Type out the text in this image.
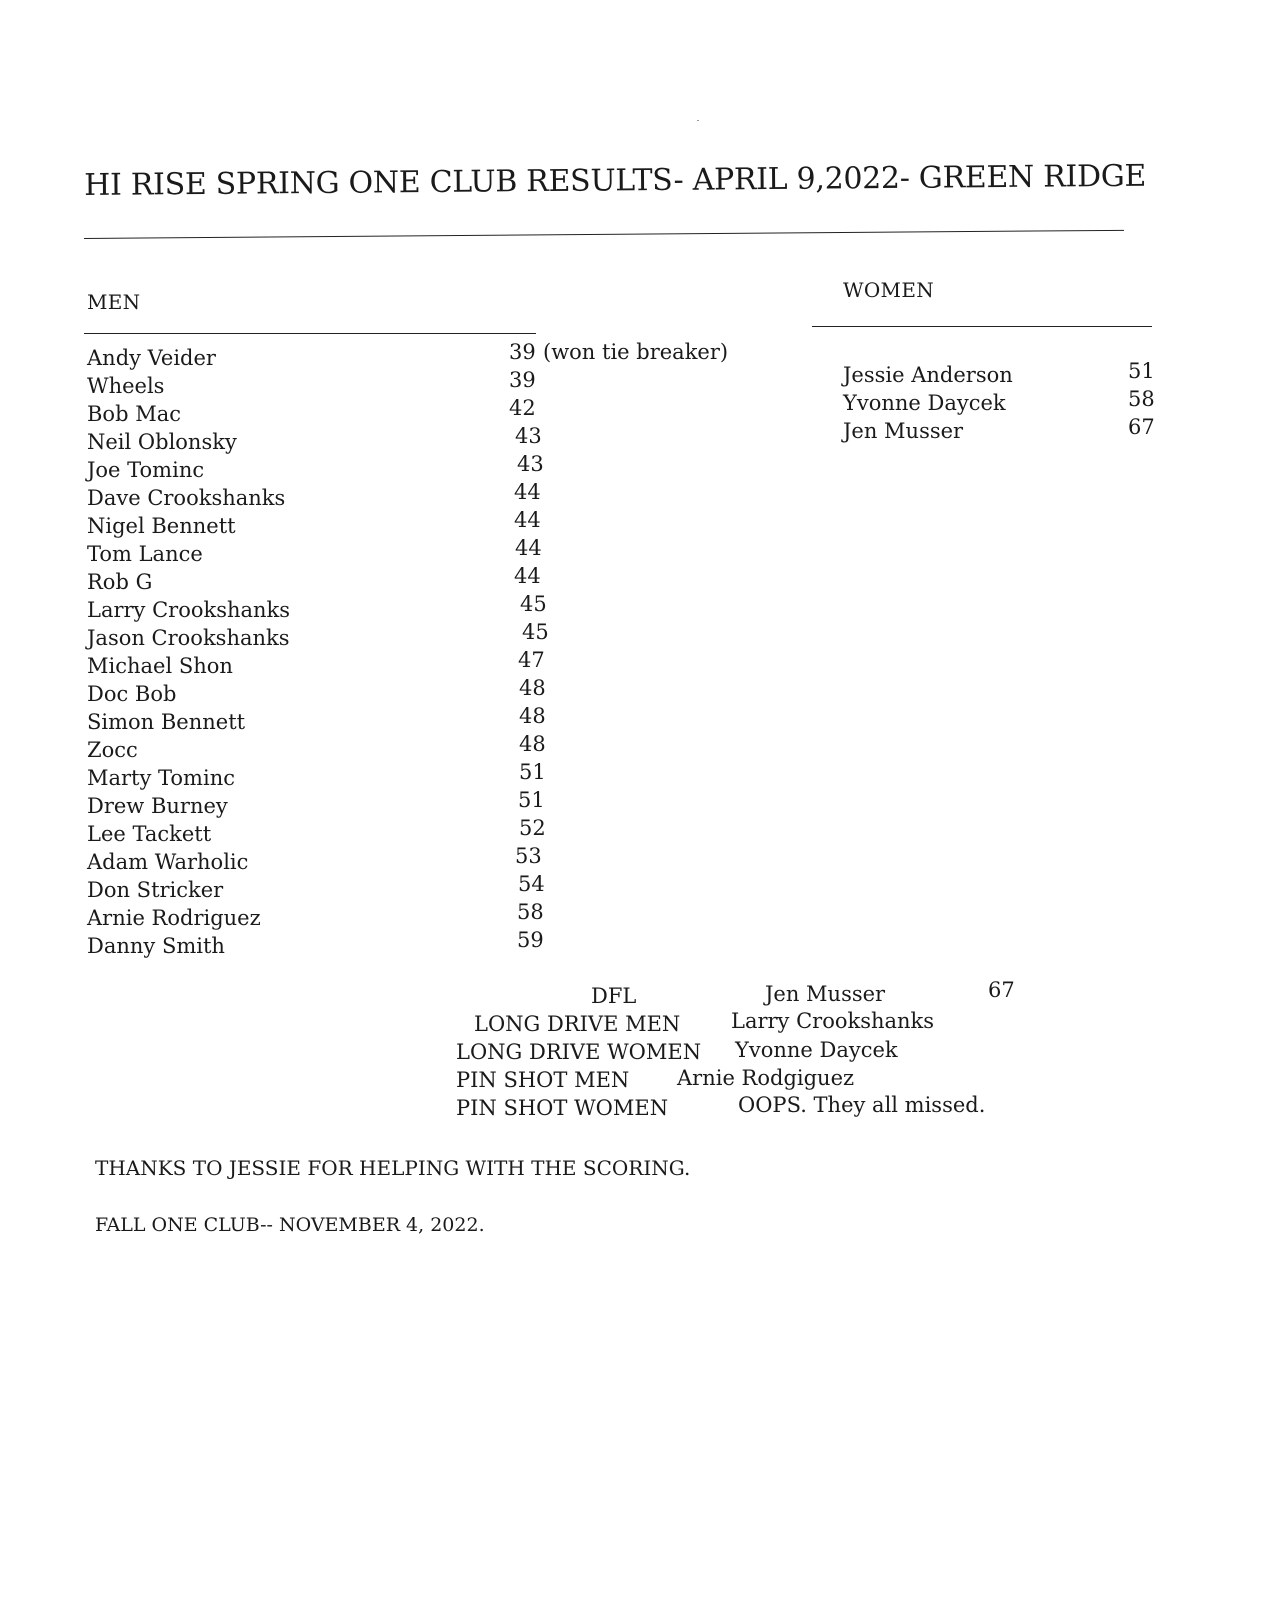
HI RISE SPRING ONE CLUB RESULTS- APRIL 9,2022- GREEN RIDGE
MEN	WOMEN
Andy Veider	39 (won tie breaker)
Wheels	39
Bob Mac	42
Neil Oblonsky	43
Joe Tominc	43
Dave Crookshanks	44
Nigel Bennett	44
Tom Lance	44
Rob G	44
Larry Crookshanks	45
Jason Crookshanks	45
Michael Shon	47
Doc Bob	48
Simon Bennett	48
Zocc	48
Marty Tominc	51
Drew Burney	51
Lee Tackett	52
Adam Warholic	53
Don Stricker	54
Arnie Rodriguez	58
Danny Smith	59
Jessie Anderson	51
Yvonne Daycek	58
Jen Musser	67
DFL	Jen Musser	67
LONG DRIVE MEN Larry Crookshanks
LONG DRIVE WOMEN Yvonne Daycek
PIN SHOT MEN Arnie Rodgiguez
PIN SHOT WOMEN	OOPS. They all missed.
THANKS TO JESSIE FOR HELPING WITH THE SCORING.
FALL ONE CLUB-- NOVEMBER 4, 2022.
